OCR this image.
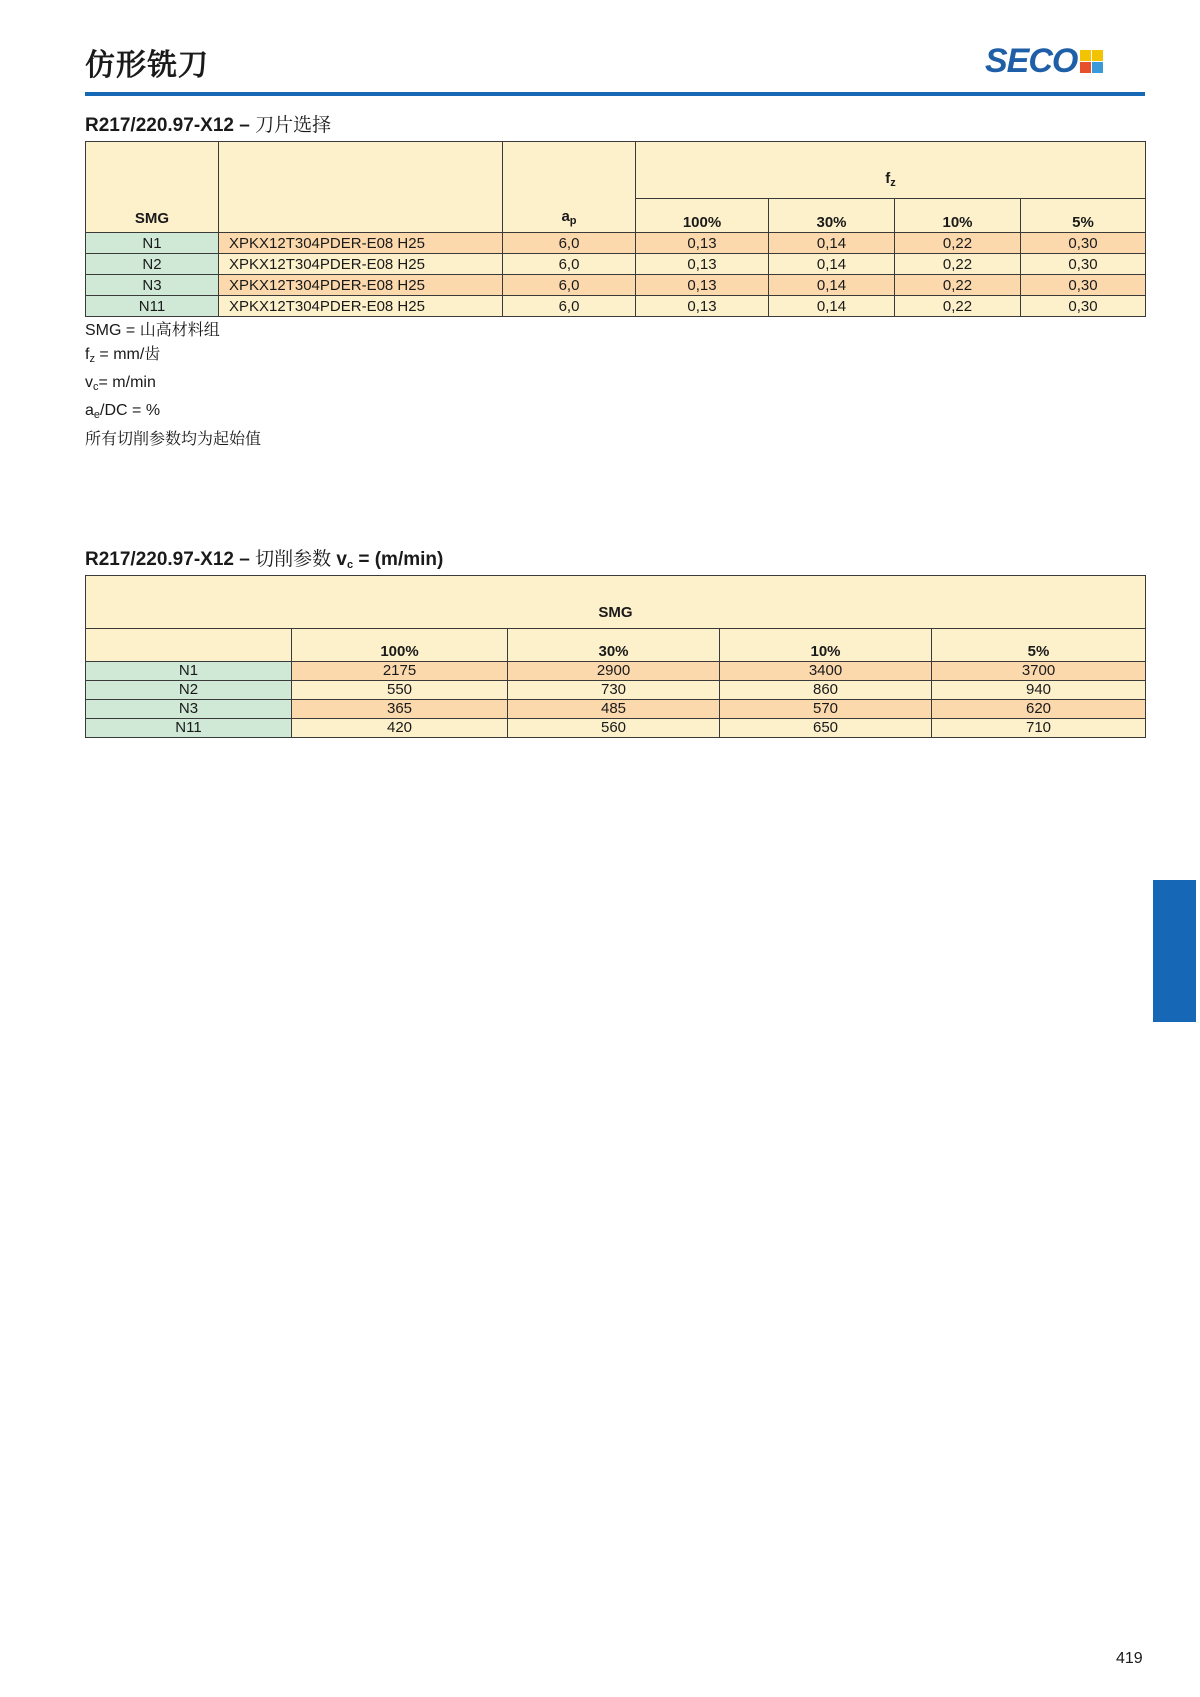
仿形铣刀	SECO
R217/220.97-X12 – 刀片选择
SMG		$a_p$	$f_z$
			100%	30%	10%	5%
N1	XPKX12T304PDER-E08 H25	6,0	0,13	0,14	0,22	0,30
N2	XPKX12T304PDER-E08 H25	6,0	0,13	0,14	0,22	0,30
N3	XPKX12T304PDER-E08 H25	6,0	0,13	0,14	0,22	0,30
N11	XPKX12T304PDER-E08 H25	6,0	0,13	0,14	0,22	0,30
SMG = 山高材料组
$f_z = mm/$齿
$v_c= m/\min$
$a_e/DC$ = %
所有切削参数均为起始值
R217/220.97-X12 – 切削参数 $v_c = (m/\min)$
SMG				
	100%	30%	10%	5%
N1	2175	2900	3400	3700
N2	550	730	860	940
N3	365	485	570	620
N11	420	560	650	710
419
